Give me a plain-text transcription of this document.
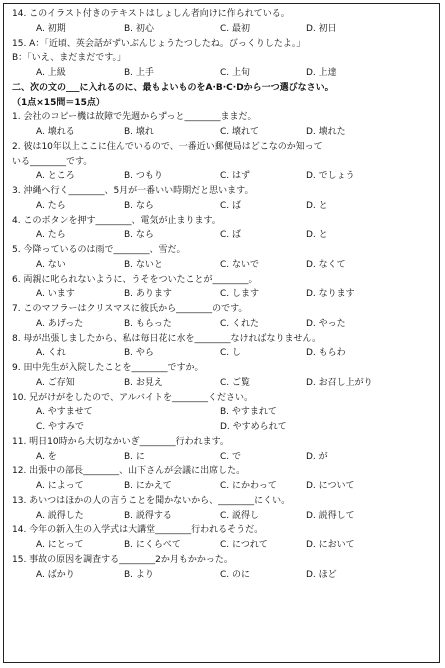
14. このイラスト付きのテキストはしょしん者向けに作られている。
A. 初期	B. 初心	C. 最初	D. 初日
15. A：「近頃、英会話がずいぶんじょうたつしたね。びっくりしたよ。」
B：「いえ、まだまだです。」
A. 上級	B. 上手	C. 上旬	D. 上達
二、次の文の___に入れるのに、最もよいものをA·B·C·Dから一つ選びなさい。
（1点×15問＝15点）
1. 会社のコピー機は故障で先週からずっと________ままだ。
A. 壊れる	B. 壊れ	C. 壊れて	D. 壊れた
2. 彼は10年以上ここに住んでいるので、一番近い郵便局はどこなのか知って
いる________です。
A. ところ	B. つもり	C. はず	D. でしょう
3. 沖縄へ行く________、5月が一番いい時期だと思います。
A. たら	B. なら	C. ば	D. と
4. このボタンを押す________、電気が止まります。
A. たら	B. なら	C. ば	D. と
5. 今降っているのは雨で________、雪だ。
A. ない	B. ないと	C. ないで	D. なくて
6. 両親に叱られないように、うそをついたことが________。
A. います	B. あります	C. します	D. なります
7. このマフラーはクリスマスに彼氏から________のです。
A. あげった	B. もらった	C. くれた	D. やった
8. 母が出張しましたから、私は毎日花に水を________なければなりません。
A. くれ	B. やら	C. し	D. もらわ
9. 田中先生が入院したことを________ですか。
A. ご存知	B. お見え	C. ご覧	D. お召し上がり
10. 兄がけがをしたので、アルバイトを________ください。
A. やすませて	B. やすまれて
C. やすみで	D. やすめられて
11. 明日10時から大切なかいぎ________行われます。
A. を	B. に	C. で	D. が
12. 出張中の部長________、山下さんが会議に出席した。
A. によって	B. にかえて	C. にかわって	D. について
13. あいつはほかの人の言うことを聞かないから、________にくい。
A. 説得した	B. 説得する	C. 説得し	D. 説得して
14. 今年の新入生の入学式は大講堂________行われるそうだ。
A. にとって	B. にくらべて	C. につれて	D. において
15. 事故の原因を調査する________2か月もかかった。
A. ばかり	B. より	C. のに	D. ほど
